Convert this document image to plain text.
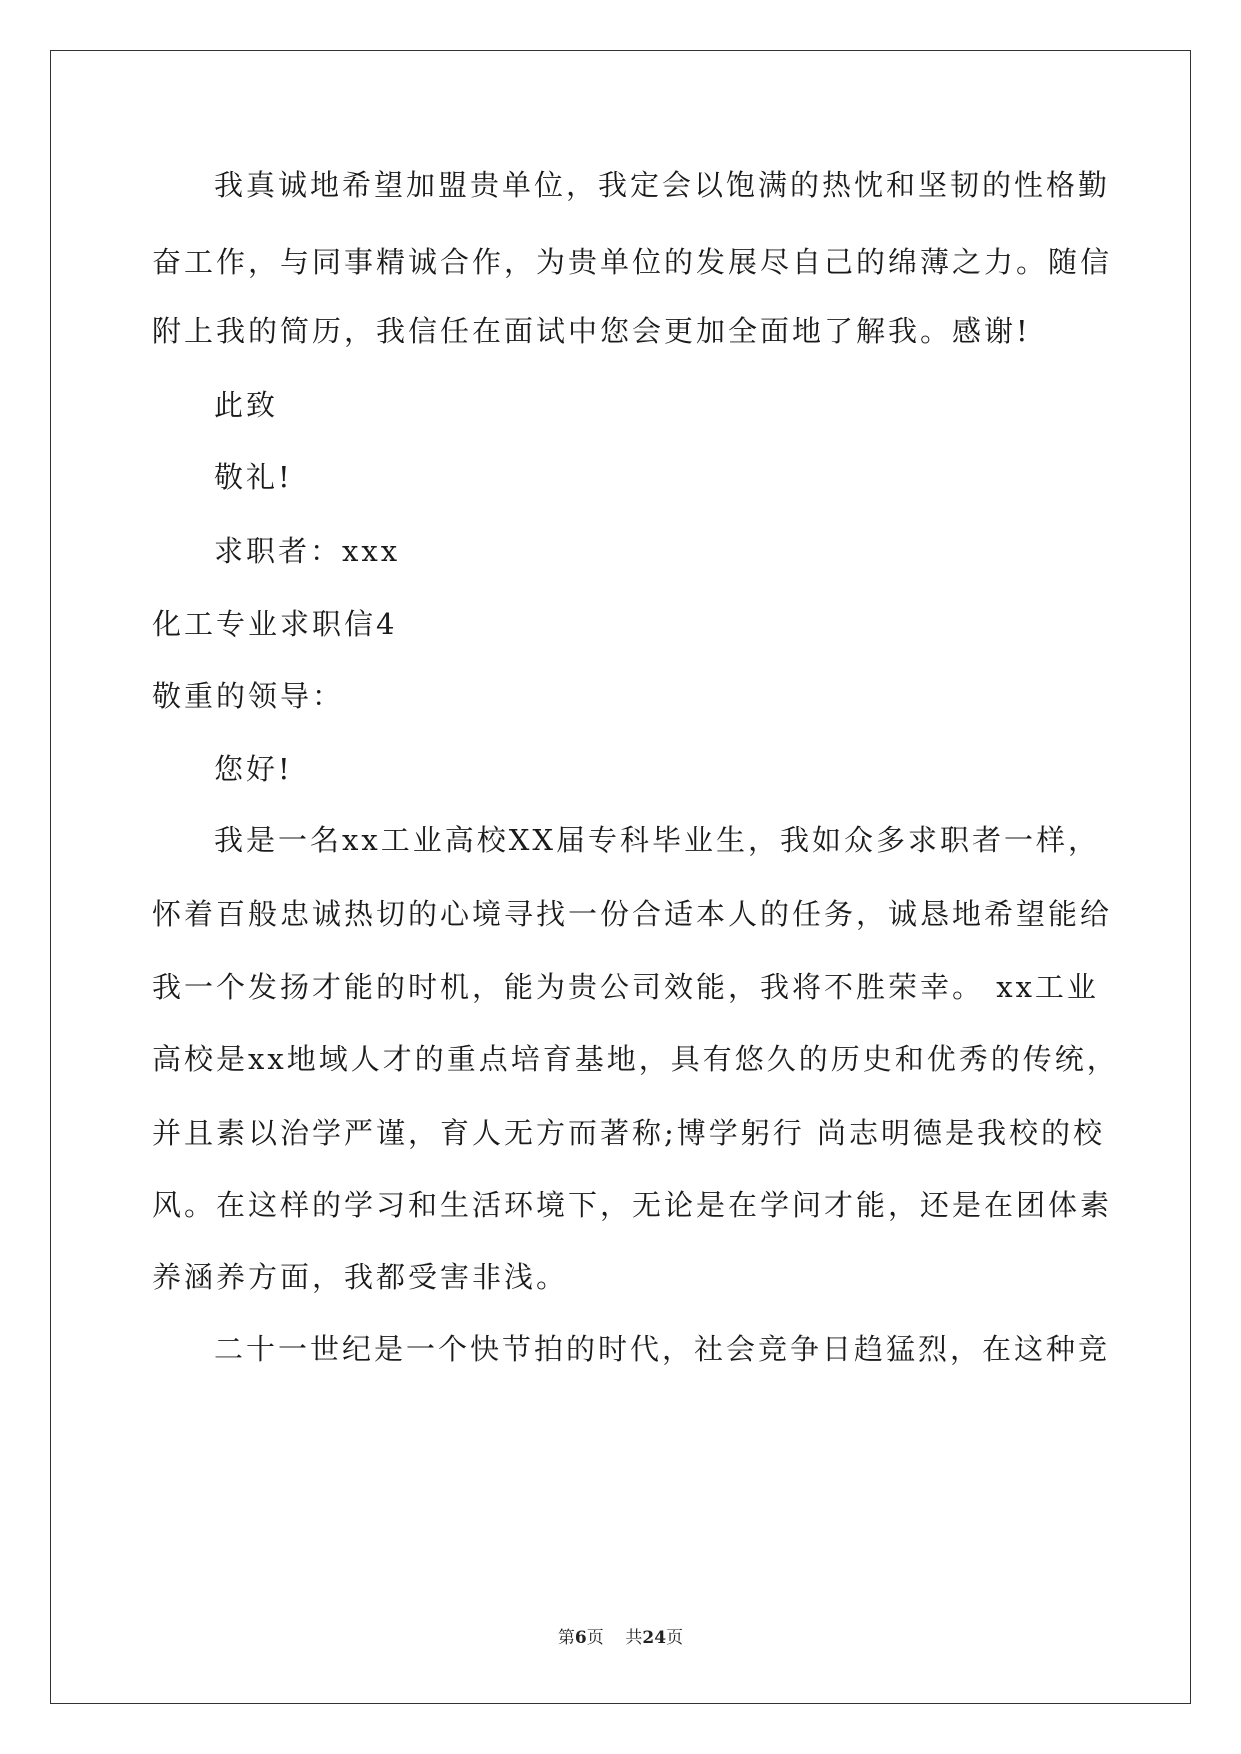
我真诚地希望加盟贵单位，我定会以饱满的热忱和坚韧的性格勤
奋工作，与同事精诚合作，为贵单位的发展尽自己的绵薄之力。随信
附上我的简历，我信任在面试中您会更加全面地了解我。感谢!
此致
敬礼!
求职者：xxx
化工专业求职信4
敬重的领导：
您好!
我是一名xx工业高校XX届专科毕业生，我如众多求职者一样，
怀着百般忠诚热切的心境寻找一份合适本人的任务，诚恳地希望能给
我一个发扬才能的时机，能为贵公司效能，我将不胜荣幸。 xx工业
高校是xx地域人才的重点培育基地，具有悠久的历史和优秀的传统，
并且素以治学严谨，育人无方而著称;博学躬行 尚志明德是我校的校
风。在这样的学习和生活环境下，无论是在学问才能，还是在团体素
养涵养方面，我都受害非浅。
二十一世纪是一个快节拍的时代，社会竞争日趋猛烈，在这种竞
第6页 共24页
